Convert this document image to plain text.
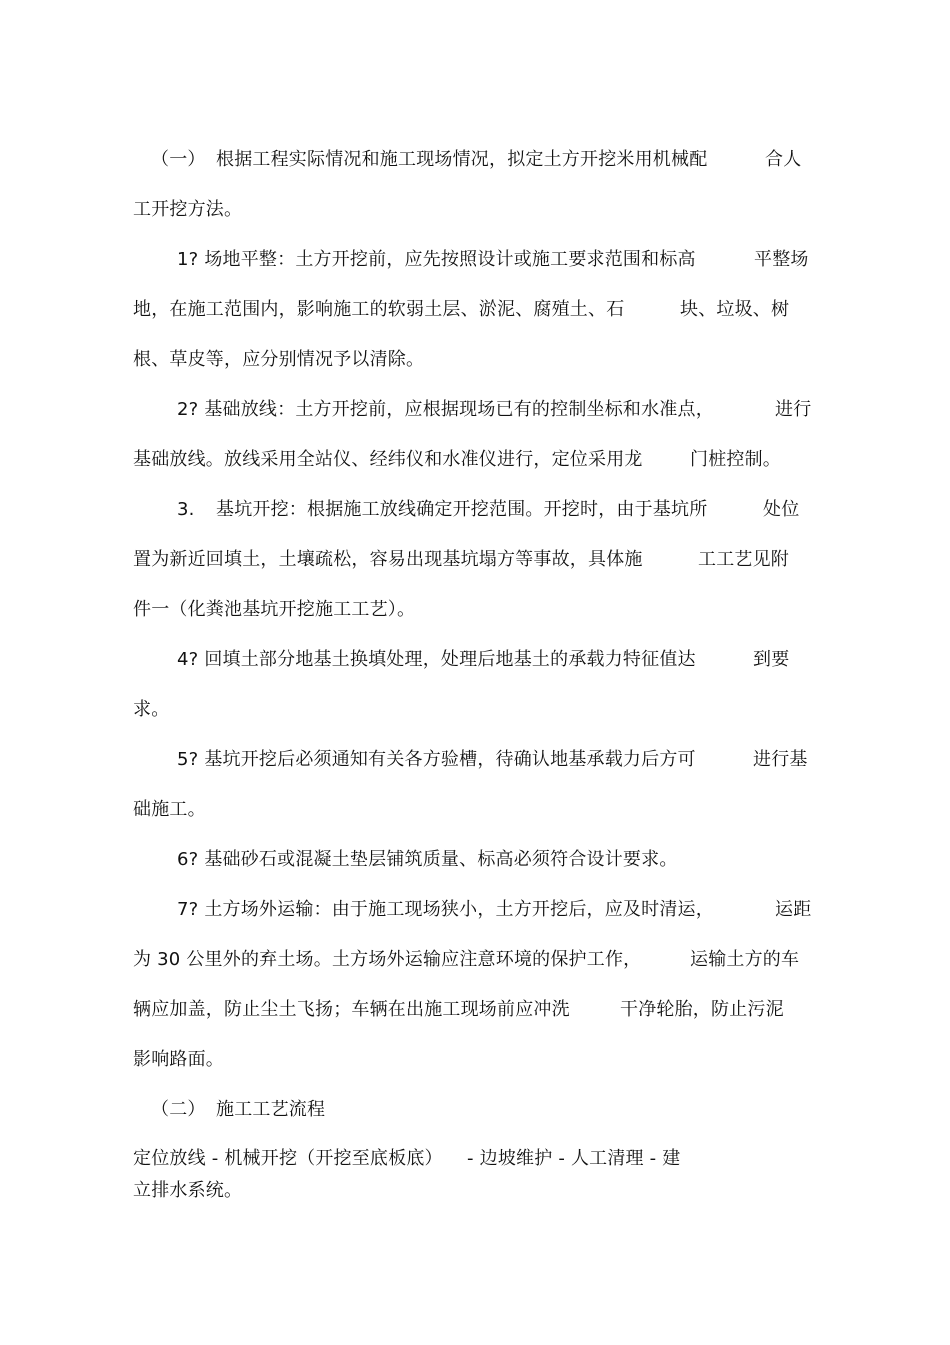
（一） 根据工程实际情况和施工现场情况，拟定土方开挖米用机械配	合人
工开挖方法。
1? 场地平整：土方开挖前，应先按照设计或施工要求范围和标高	平整场
地，在施工范围内，影响施工的软弱土层、淤泥、腐殖土、石	块、垃圾、树
根、草皮等，应分别情况予以清除。
2? 基础放线：土方开挖前，应根据现场已有的控制坐标和水准点，	进行
基础放线。放线采用全站仪、经纬仪和水准仪进行，定位采用龙	门桩控制。
3. 基坑开挖：根据施工放线确定开挖范围。开挖时，由于基坑所	处位
置为新近回填土，土壤疏松，容易出现基坑塌方等事故，具体施	工工艺见附
件一（化粪池基坑开挖施工工艺）。
4? 回填土部分地基土换填处理，处理后地基土的承载力特征值达	到要
求。
5? 基坑开挖后必须通知有关各方验槽，待确认地基承载力后方可	进行基
础施工。
6? 基础砂石或混凝土垫层铺筑质量、标高必须符合设计要求。
7? 土方场外运输：由于施工现场狭小，土方开挖后，应及时清运，	运距
为 30 公里外的弃土场。土方场外运输应注意环境的保护工作，	运输土方的车
辆应加盖，防止尘土飞扬；车辆在出施工现场前应冲洗	干净轮胎，防止污泥
影响路面。
（二） 施工工艺流程
定位放线 - 机械开挖（开挖至底板底） - 边坡维护 - 人工清理 - 建
立排水系统。
